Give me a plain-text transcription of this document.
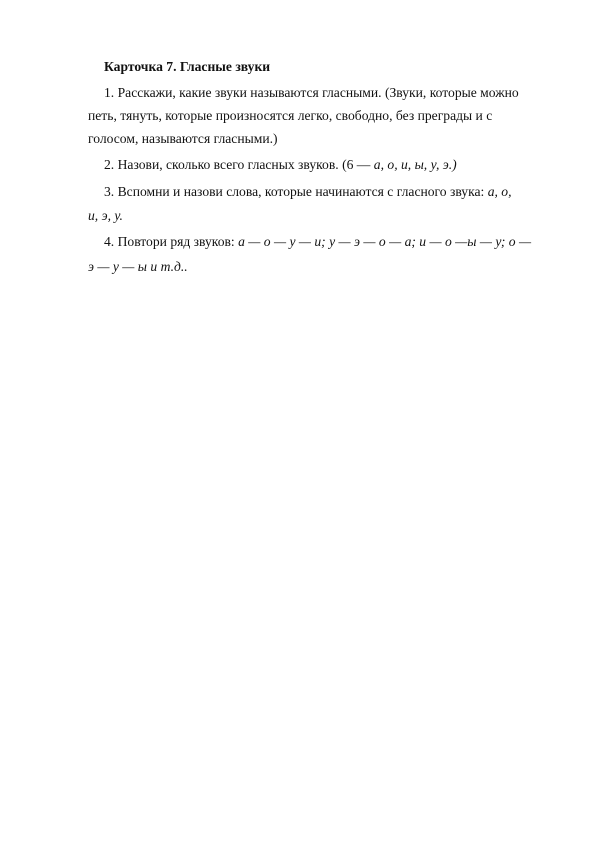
Карточка 7. Гласные звуки
1. Расскажи, какие звуки называются гласными. (Звуки, которые можно
петь, тянуть, которые произносятся легко, свободно, без преграды и с
голосом, называются гласными.)
2. Назови, сколько всего гласных звуков. (6 — а, о, и, ы, у, э.)
3. Вспомни и назови слова, которые начинаются с гласного звука: а, о,
и, э, у.
4. Повтори ряд звуков: а — о — у — и; у — э — о — а; и — о —ы — у; о —
э — у — ы и т.д..
